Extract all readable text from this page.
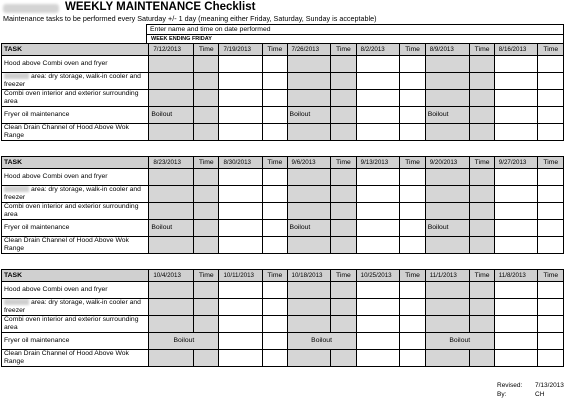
WEEKLY MAINTENANCE Checklist
Maintenance tasks to be performed every Saturday +/- 1 day (meaning either Friday, Saturday, Sunday is acceptable)
Enter name and time on date performed
WEEK ENDING FRIDAY
TASK	7/12/2013	Time	7/19/2013	Time	7/26/2013	Time	8/2/2013	Time	8/9/2013	Time	8/16/2013	Time
Hood above Combi oven and fryer												
area: dry storage, walk-in cooler and freezer												
Combi oven interior and exterior surrounding area												
Fryer oil maintenance	Boilout				Boilout				Boilout			
Clean Drain Channel of Hood Above Wok Range												
TASK	8/23/2013	Time	8/30/2013	Time	9/6/2013	Time	9/13/2013	Time	9/20/2013	Time	9/27/2013	Time
Hood above Combi oven and fryer												
area: dry storage, walk-in cooler and freezer												
Combi oven interior and exterior surrounding area												
Fryer oil maintenance	Boilout				Boilout				Boilout			
Clean Drain Channel of Hood Above Wok Range												
TASK	10/4/2013	Time	10/11/2013	Time	10/18/2013	Time	10/25/2013	Time	11/1/2013	Time	11/8/2013	Time
Hood above Combi oven and fryer												
area: dry storage, walk-in cooler and freezer												
Combi oven interior and exterior surrounding area												
Fryer oil maintenance	Boilout				Boilout				Boilout			
Clean Drain Channel of Hood Above Wok Range												
Revised: 7/13/2013
By:	CH
